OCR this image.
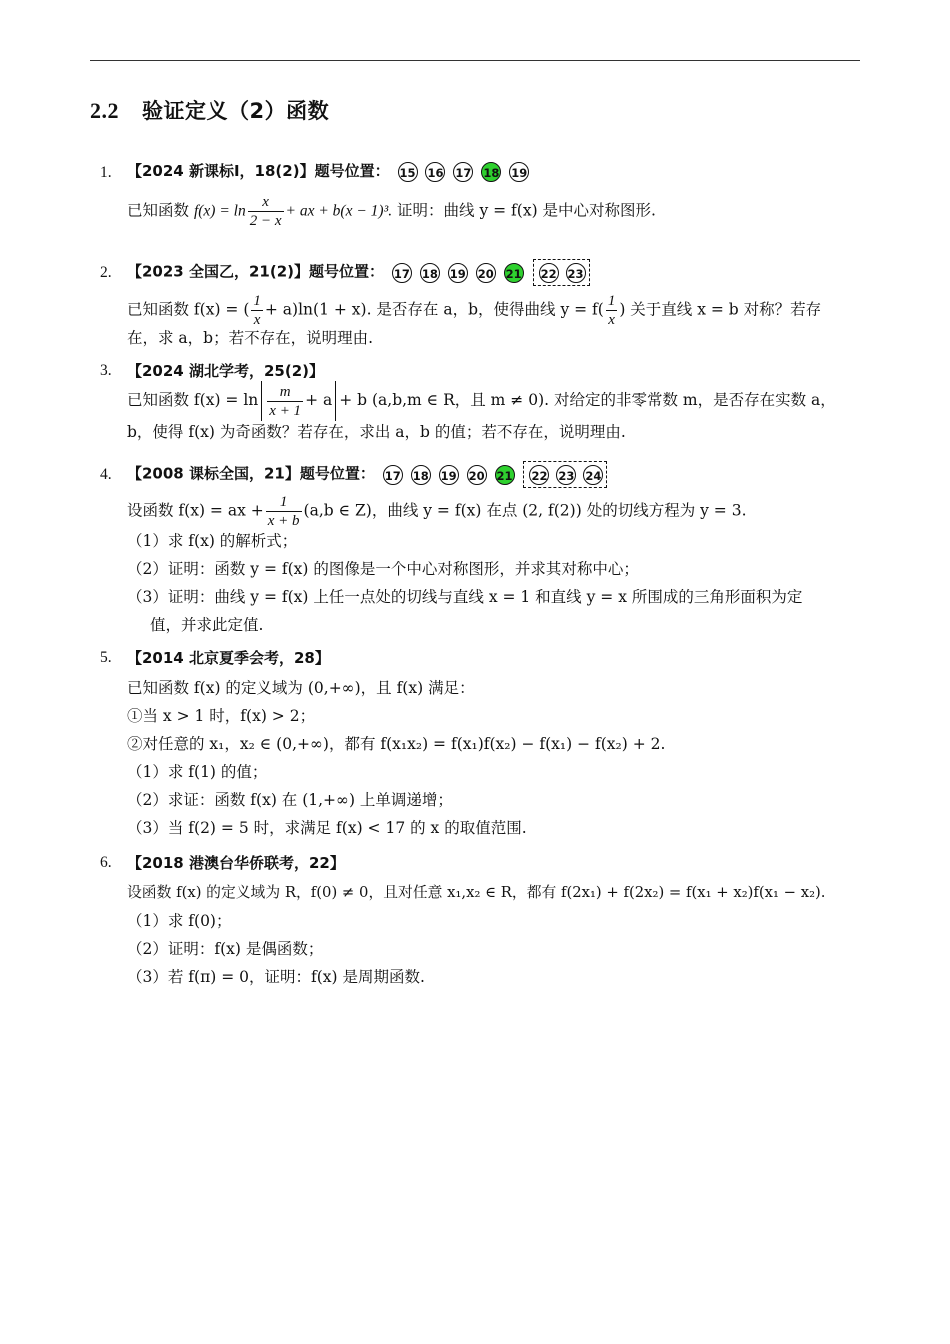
2.2 验证定义（2）函数
1. 【2024 新课标Ⅰ，18(2)】题号位置： 15 16 17 18 19
已知函数 $f(x) = \ln \frac{x}{2 - x}$ + ax + b(x − 1)³. 证明：曲线 y = f(x) 是中心对称图形.
2. 【2023 全国乙，21(2)】题号位置： 17 18 19 20 21 22 23
已知函数 f(x) = ( $\frac{1}{x} + a)\ln(1 + x)$. 是否存在 a，b，使得曲线 $y = f( \frac{1}{x}$ ) 关于直线 x = b 对称？若存
在，求 a，b；若不存在，说明理由.
3. 【2024 湖北学考，25(2)】
已知函数 $f(x) = \ln \frac{m}{x + 1} + a + b$ (a,b,m ∈ R，且 m ≠ 0). 对给定的非零常数 m，是否存在实数 a，
b，使得 f(x) 为奇函数？若存在，求出 a，b 的值；若不存在，说明理由.
4. 【2008 课标全国，21】题号位置： 17 18 19 20 21 22 23 24
设函数 f(x) = ax + $\frac{1}{x + b} (a,b$ ∈ Z)，曲线 y = f(x) 在点 (2, f(2)) 处的切线方程为 y = 3.
（1）求 f(x) 的解析式；
（2）证明：函数 y = f(x) 的图像是一个中心对称图形，并求其对称中心；
（3）证明：曲线 y = f(x) 上任一点处的切线与直线 x = 1 和直线 y = x 所围成的三角形面积为定
值，并求此定值.
5. 【2014 北京夏季会考，28】
已知函数 f(x) 的定义域为 (0,+∞)，且 f(x) 满足：
①当 x > 1 时，f(x) > 2；
②对任意的 x₁，x₂ ∈ (0,+∞)，都有 f(x₁x₂) = f(x₁)f(x₂) − f(x₁) − f(x₂) + 2.
（1）求 f(1) 的值；
（2）求证：函数 f(x) 在 (1,+∞) 上单调递增；
（3）当 f(2) = 5 时，求满足 f(x) < 17 的 x 的取值范围.
6. 【2018 港澳台华侨联考，22】
设函数 f(x) 的定义域为 R，f(0) ≠ 0，且对任意 x₁,x₂ ∈ R，都有 f(2x₁) + f(2x₂) = f(x₁ + x₂)f(x₁ − x₂).
（1）求 f(0)；
（2）证明：f(x) 是偶函数；
（3）若 f(π) = 0，证明：f(x) 是周期函数.
